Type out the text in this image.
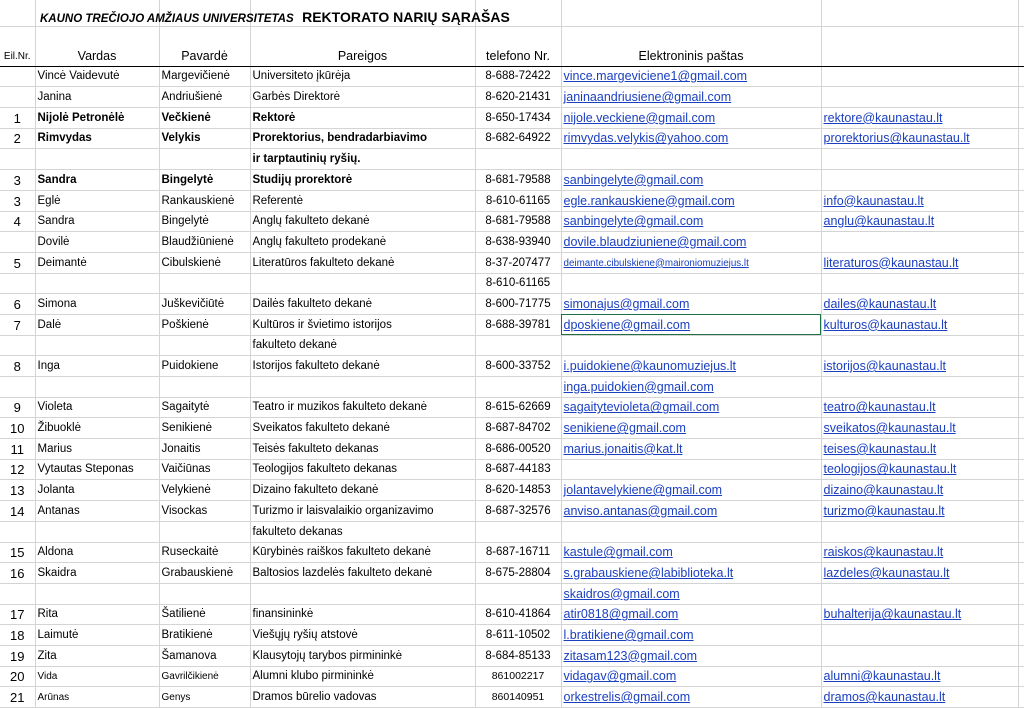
KAUNO TREČIOJO AMŽIAUS UNIVERSITETAS REKTORATO NARIŲ SĄRAŠAS
Eil.Nr.	Vardas	Pavardė	Pareigos	telefono Nr.	Elektroninis paštas		
	Vincė Vaidevutė	Margevičienė	Universiteto įkūrėja	8-688-72422	vince.margeviciene1@gmail.com		
	Janina	Andriušienė	Garbės Direktorė	8-620-21431	janinaandriusiene@gmail.com		
1	Nijolė Petronėlė	Večkienė	Rektorė	8-650-17434	nijole.veckiene@gmail.com	rektore@kaunastau.lt	
2	Rimvydas	Velykis	Prorektorius, bendradarbiavimo	8-682-64922	rimvydas.velykis@yahoo.com	prorektorius@kaunastau.lt	
			ir tarptautinių ryšių.				
3	Sandra	Bingelytė	Studijų prorektorė	8-681-79588	sanbingelyte@gmail.com		
3	Eglė	Rankauskienė	Referentė	8-610-61165	egle.rankauskiene@gmail.com	info@kaunastau.lt	
4	Sandra	Bingelytė	Anglų fakulteto dekanė	8-681-79588	sanbingelyte@gmail.com	anglu@kaunastau.lt	
	Dovilė	Blaudžiūnienė	Anglų fakulteto prodekanė	8-638-93940	dovile.blaudziuniene@gmail.com		
5	Deimantė	Cibulskienė	Literatūros fakulteto dekanė	8-37-207477	deimante.cibulskiene@maironiomuziejus.lt	literaturos@kaunastau.lt	
				8-610-61165			
6	Simona	Juškevičiūtė	Dailės fakulteto dekanė	8-600-71775	simonajus@gmail.com	dailes@kaunastau.lt	
7	Dalė	Poškienė	Kultūros ir švietimo istorijos	8-688-39781	dposkiene@gmail.com	kulturos@kaunastau.lt	
			fakulteto dekanė				
8	Inga	Puidokiene	Istorijos fakulteto dekanė	8-600-33752	i.puidokiene@kaunomuziejus.lt	istorijos@kaunastau.lt	
					inga.puidokien@gmail.com		
9	Violeta	Sagaitytė	Teatro ir muzikos fakulteto dekanė	8-615-62669	sagaitytevioleta@gmail.com	teatro@kaunastau.lt	
10	Žibuoklė	Senikienė	Sveikatos fakulteto dekanė	8-687-84702	senikiene@gmail.com	sveikatos@kaunastau.lt	
11	Marius	Jonaitis	Teisės fakulteto dekanas	8-686-00520	marius.jonaitis@kat.lt	teises@kaunastau.lt	
12	Vytautas Steponas	Vaičiūnas	Teologijos fakulteto dekanas	8-687-44183		teologijos@kaunastau.lt	
13	Jolanta	Velykienė	Dizaino fakulteto dekanė	8-620-14853	jolantavelykiene@gmail.com	dizaino@kaunastau.lt	
14	Antanas	Visockas	Turizmo ir laisvalaikio organizavimo	8-687-32576	anviso.antanas@gmail.com	turizmo@kaunastau.lt	
			fakulteto dekanas				
15	Aldona	Ruseckaitė	Kūrybinės raiškos fakulteto dekanė	8-687-16711	kastule@gmail.com	raiskos@kaunastau.lt	
16	Skaidra	Grabauskienė	Baltosios lazdelės fakulteto dekanė	8-675-28804	s.grabauskiene@labiblioteka.lt	lazdeles@kaunastau.lt	
					skaidros@gmail.com		
17	Rita	Šatilienė	finansininkė	8-610-41864	atir0818@gmail.com	buhalterija@kaunastau.lt	
18	Laimutė	Bratikienė	Viešųjų ryšių atstovė	8-611-10502	l.bratikiene@gmail.com		
19	Zita	Šamanova	Klausytojų tarybos pirmininkė	8-684-85133	zitasam123@gmail.com		
20	Vida	Gavrilčikienė	Alumni klubo pirmininkė	861002217	vidagav@gmail.com	alumni@kaunastau.lt	
21	Arūnas	Genys	Dramos būrelio vadovas	860140951	orkestrelis@gmail.com	dramos@kaunastau.lt	
